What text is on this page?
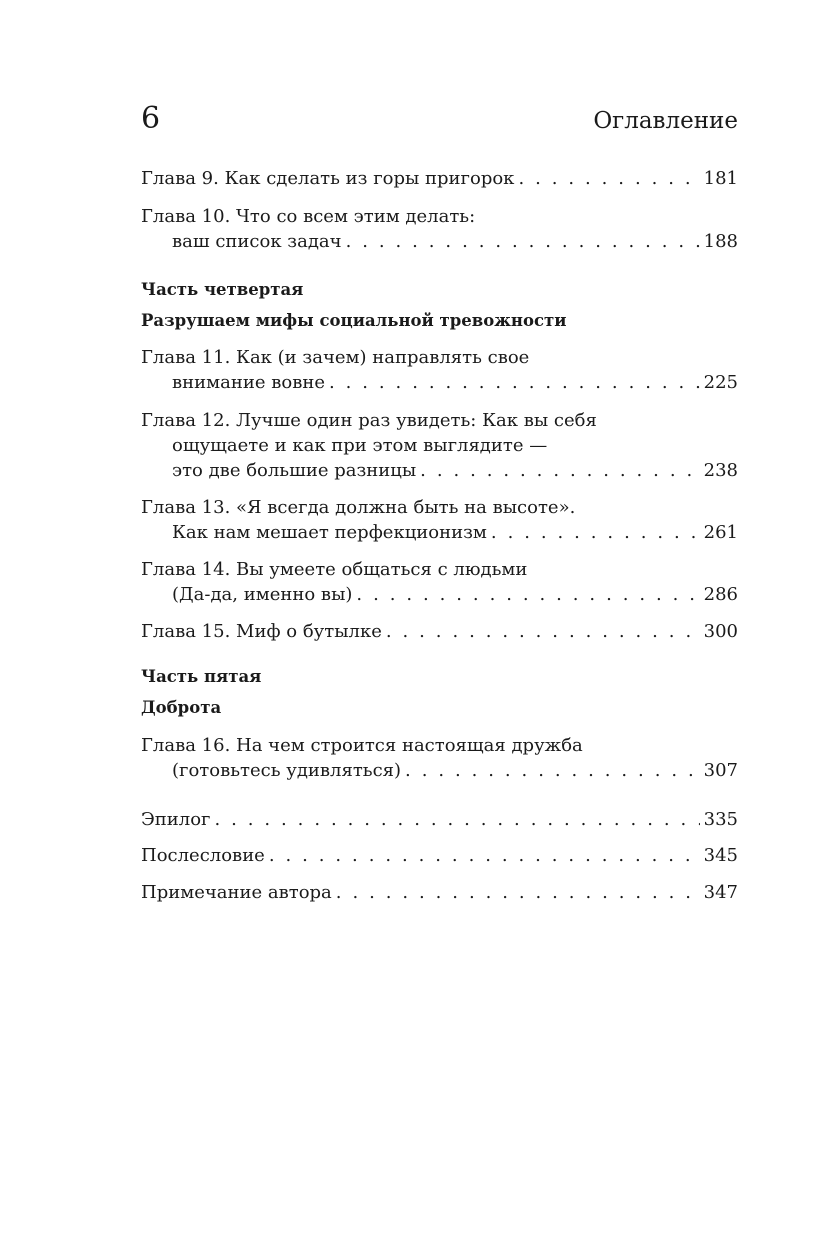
6	Оглавление
Глава 9. Как сделать из горы пригорок . . .	181
Глава 10. Что со всем этим делать:
ваш список задач . . .	188
Часть четвертая
Разрушаем мифы социальной тревожности
Глава 11. Как (и зачем) направлять свое
внимание вовне . . .	225
Глава 12. Лучше один раз увидеть: Как вы себя
ощущаете и как при этом выглядите —
это две большие разницы . . .	238
Глава 13. «Я всегда должна быть на высоте».
Как нам мешает перфекционизм . . .	261
Глава 14. Вы умеете общаться с людьми
(Да-да, именно вы) . . .	286
Глава 15. Миф о бутылке . . .	300
Часть пятая
Доброта
Глава 16. На чем строится настоящая дружба
(готовьтесь удивляться) . . .	307
Эпилог . . .	335
Послесловие . . .	345
Примечание автора . . .	347
